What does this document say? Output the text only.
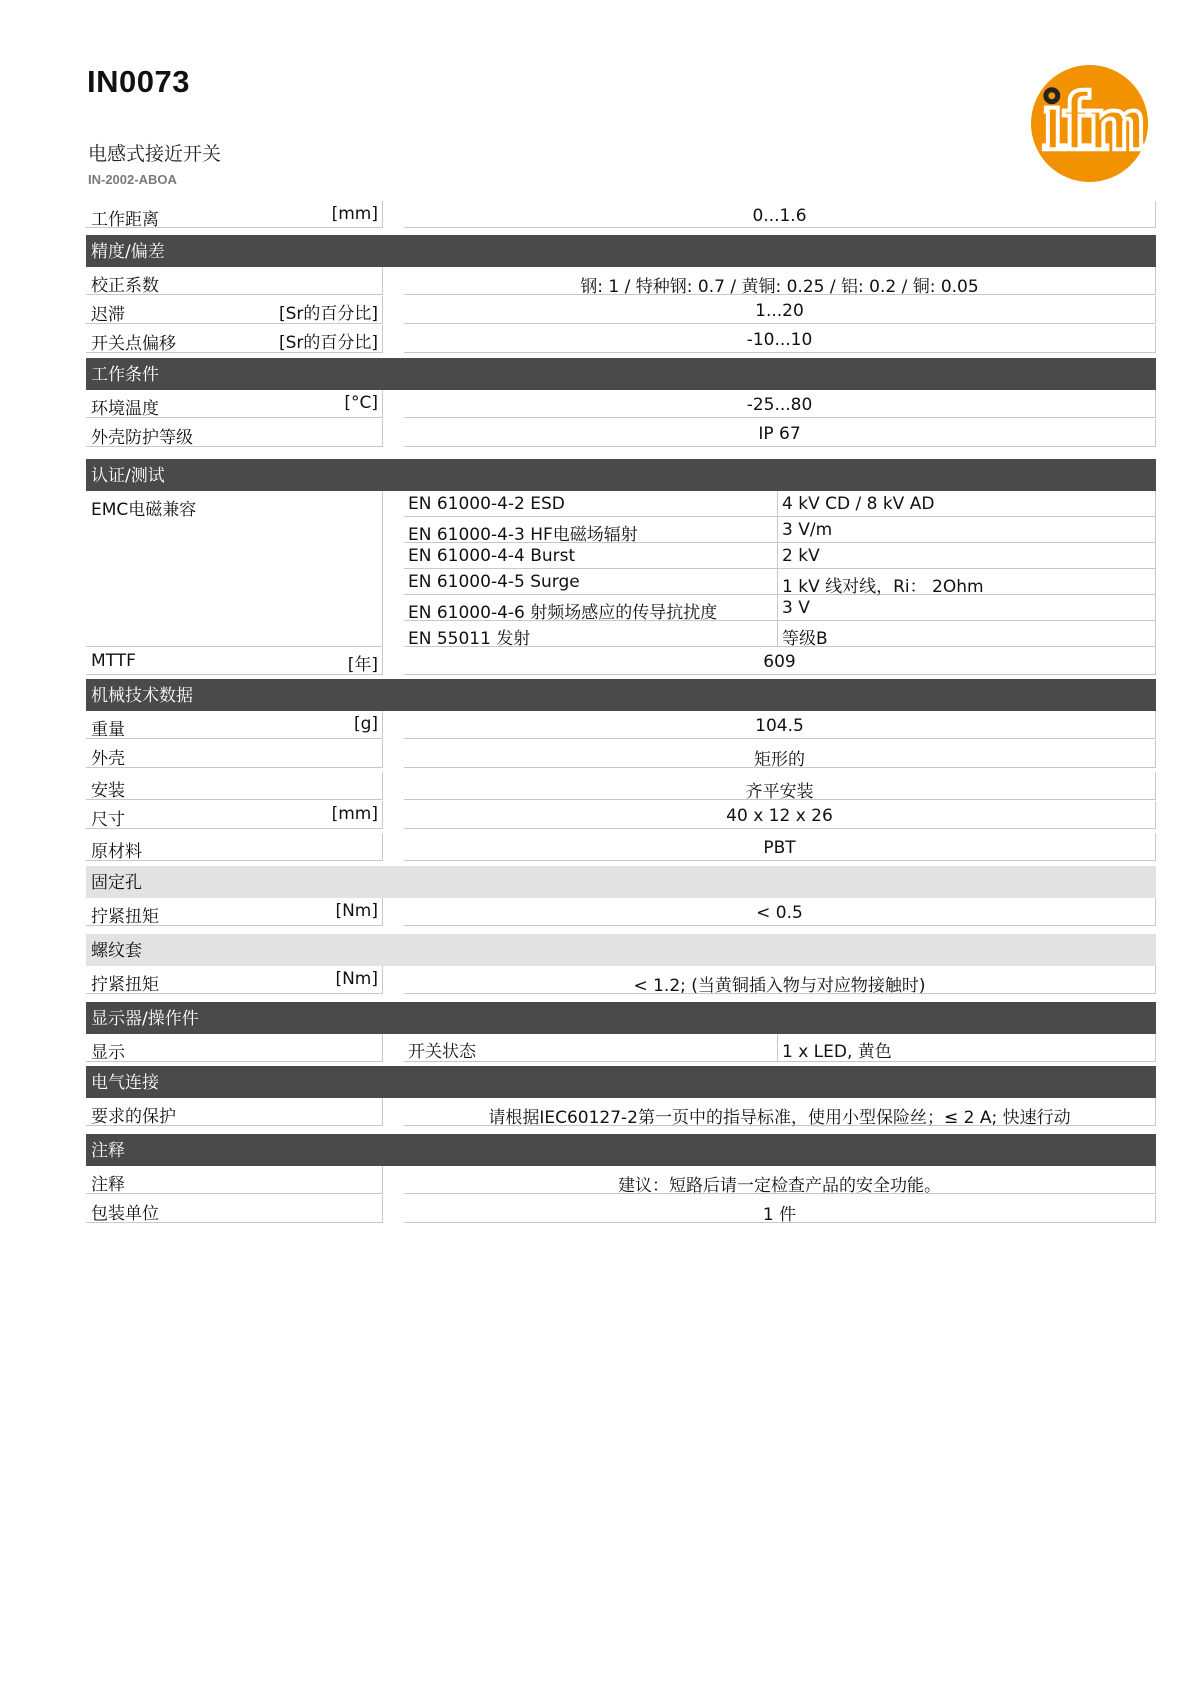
IN0073
电感式接近开关
IN-2002-ABOA
工作距离	[mm]	0...1.6
精度/偏差
校正系数	钢: 1 / 特种钢: 0.7 / 黄铜: 0.25 / 铝: 0.2 / 铜: 0.05
迟滞	[Sr的百分比]	1...20
开关点偏移	[Sr的百分比]	-10...10
工作条件
环境温度	[°C]	-25...80
外壳防护等级	IP 67
认证/测试
EMC电磁兼容	EN 61000-4-2 ESD	4 kV CD / 8 kV AD
EN 61000-4-3 HF电磁场辐射	3 V/m
EN 61000-4-4 Burst	2 kV
EN 61000-4-5 Surge	1 kV 线对线，Ri： 2Ohm
EN 61000-4-6 射频场感应的传导抗扰度	3 V
EN 55011 发射	等级B
MTTF	[年]	609
机械技术数据
重量	[g]	104.5
外壳	矩形的
安装	齐平安装
尺寸	[mm]	40 x 12 x 26
原材料	PBT
固定孔
拧紧扭矩	[Nm]	< 0.5
螺纹套
拧紧扭矩	[Nm]	< 1.2; (当黄铜插入物与对应物接触时)
显示器/操作件
显示	开关状态	1 x LED, 黄色
电气连接
要求的保护	请根据IEC60127-2第一页中的指导标准，使用小型保险丝；≤ 2 A; 快速行动
注释
注释	建议：短路后请一定检查产品的安全功能。
包装单位	1 件
